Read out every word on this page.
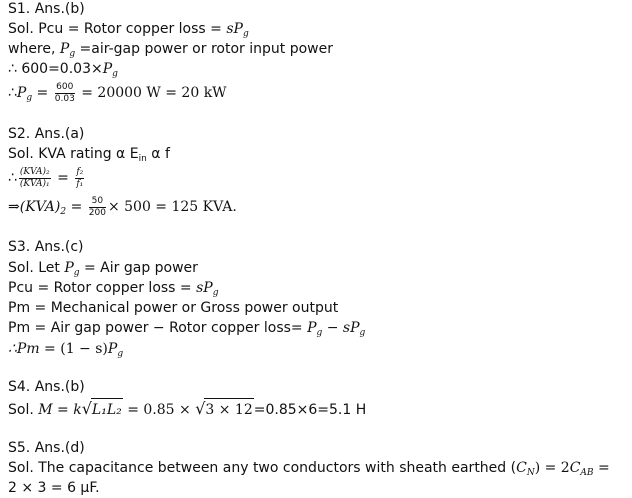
S1. Ans.(b)
Sol. Pcu = Rotor copper loss = $sP_g$
where, $P_g =air-gap$ power or rotor input power
∴ $600=0.03\times P_g$
$\therefore P_g = \frac{600}{0.03} = 20000$ W = 20 kW
S2. Ans.(a)
Sol. KVA rating α $E_{in}$ α f
∴ $\frac{\text{(KVA)₂}}{\text{(KVA)₁}} = \frac{\text{f₂}}{\text{f₁}}$
$\Rightarrow(KVA)_2 = \frac{50}{200} \times 500 = 125$ KVA.
S3. Ans.(c)
Sol. Let $P_g$ = Air gap power
Pcu = Rotor copper loss = $sP_g$
Pm = Mechanical power or Gross power output
Pm = Air gap power − Rotor copper loss= $P_g - sP_g$
∴Pm = $(1 - s)P_g$
S4. Ans.(b)
Sol. M = k√L₁L₂ = 0.85 × √3 × 12=0.85×6=5.1 H
S5. Ans.(d)
Sol. The capacitance between any two conductors with sheath earthed $(C_N) = 2C_{AB}$ =
2 × 3 = 6 μF.
